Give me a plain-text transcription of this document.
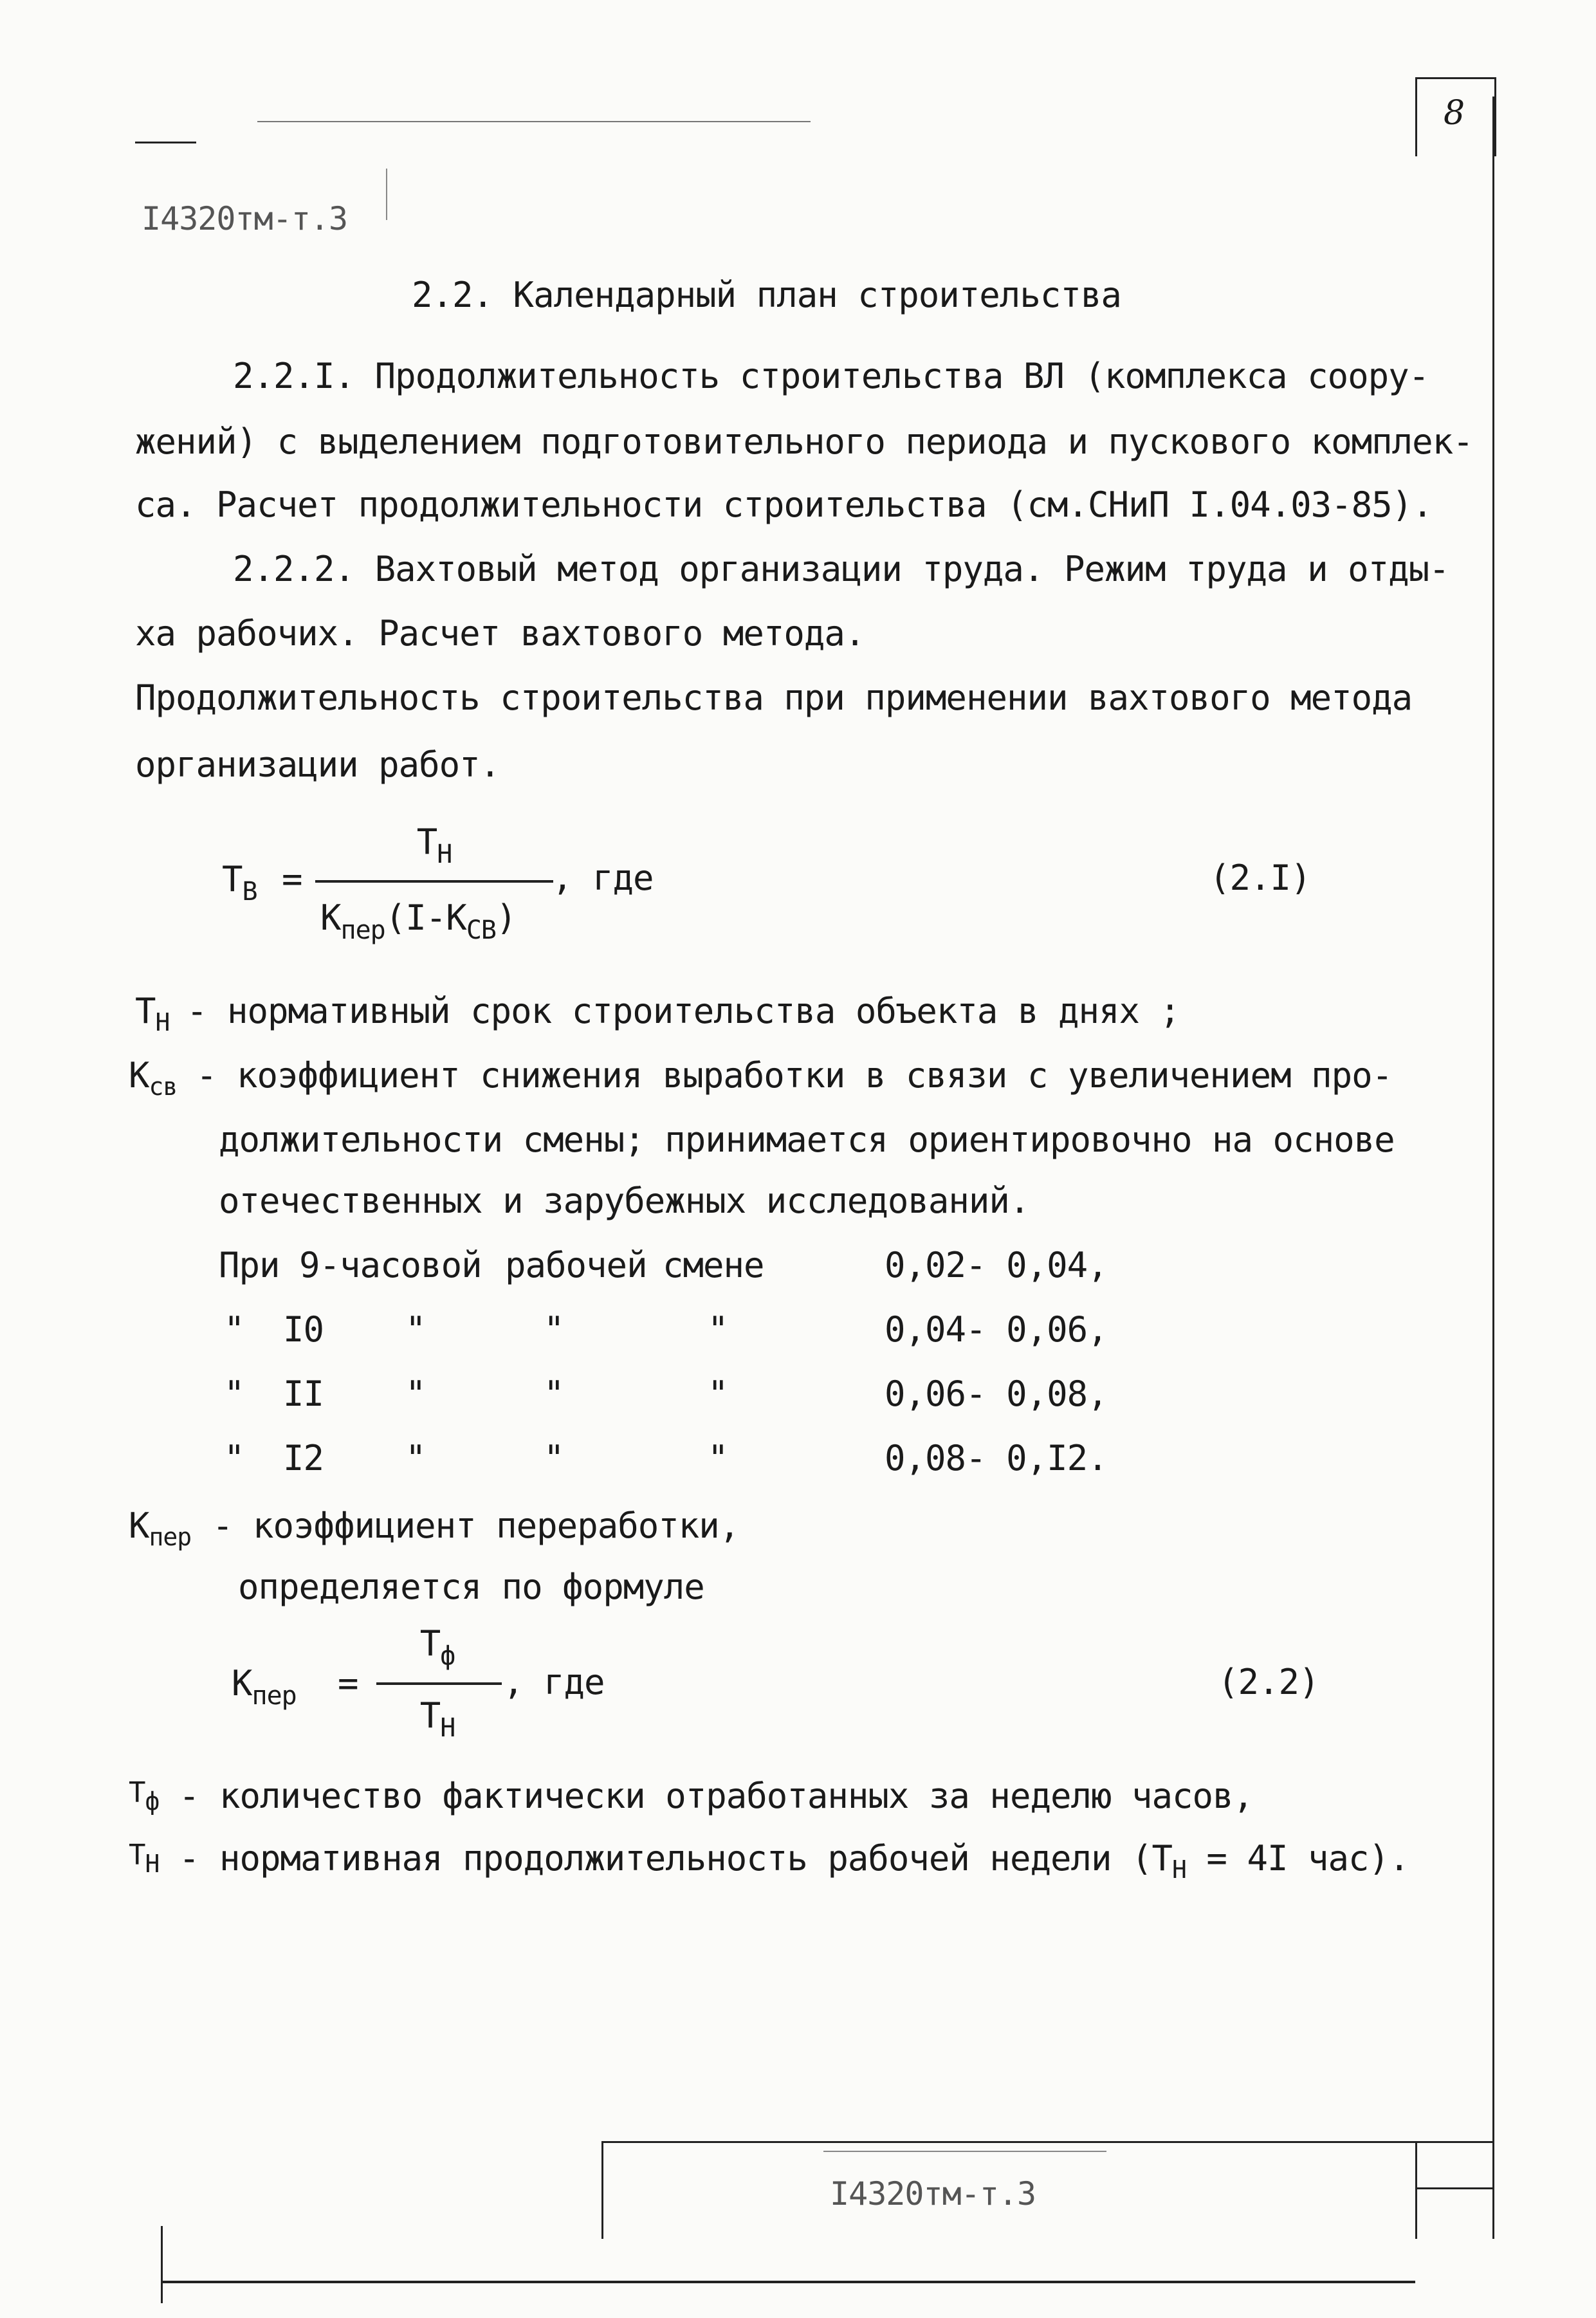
8
I4320тм-т.3
2.2. Календарный план строительства
2.2.I. Продолжительность строительства ВЛ (комплекса соору-
жений) с выделением подготовительного периода и пускового комплек-
са. Расчет продолжительности строительства (см.СНиП I.04.03-85).
2.2.2. Вахтовый метод организации труда. Режим труда и отды-
ха рабочих. Расчет вахтового метода.
Продолжительность строительства при применении вахтового метода
организации работ.
$Т_В$ =
$Т_Н$
$К_{пер}(I-К_{СВ})$
, где	(2.I)
$Т_Н$ - нормативный срок строительства объекта в днях ;
$К_{св}$ - коэффициент снижения выработки в связи с увеличением про-
должительности смены; принимается ориентировочно на основе
отечественных и зарубежных исследований.
При 9-часовой рабочей смене	0,02- 0,04,
" I0 "	"	"	0,04- 0,06,
" II "	"	"	0,06- 0,08,
" I2 "	"	"	0,08- 0,I2.
$К_{пер}$ - коэффициент переработки,
определяется по формуле
$К_{пер}$ =
$Т_ф$
$Т_Н$
, где	(2.2)
Тф - количество фактически отработанных за неделю часов,
ТН - нормативная продолжительность рабочей недели ($Т_Н = 4I$ час).
I4320тм-т.3
